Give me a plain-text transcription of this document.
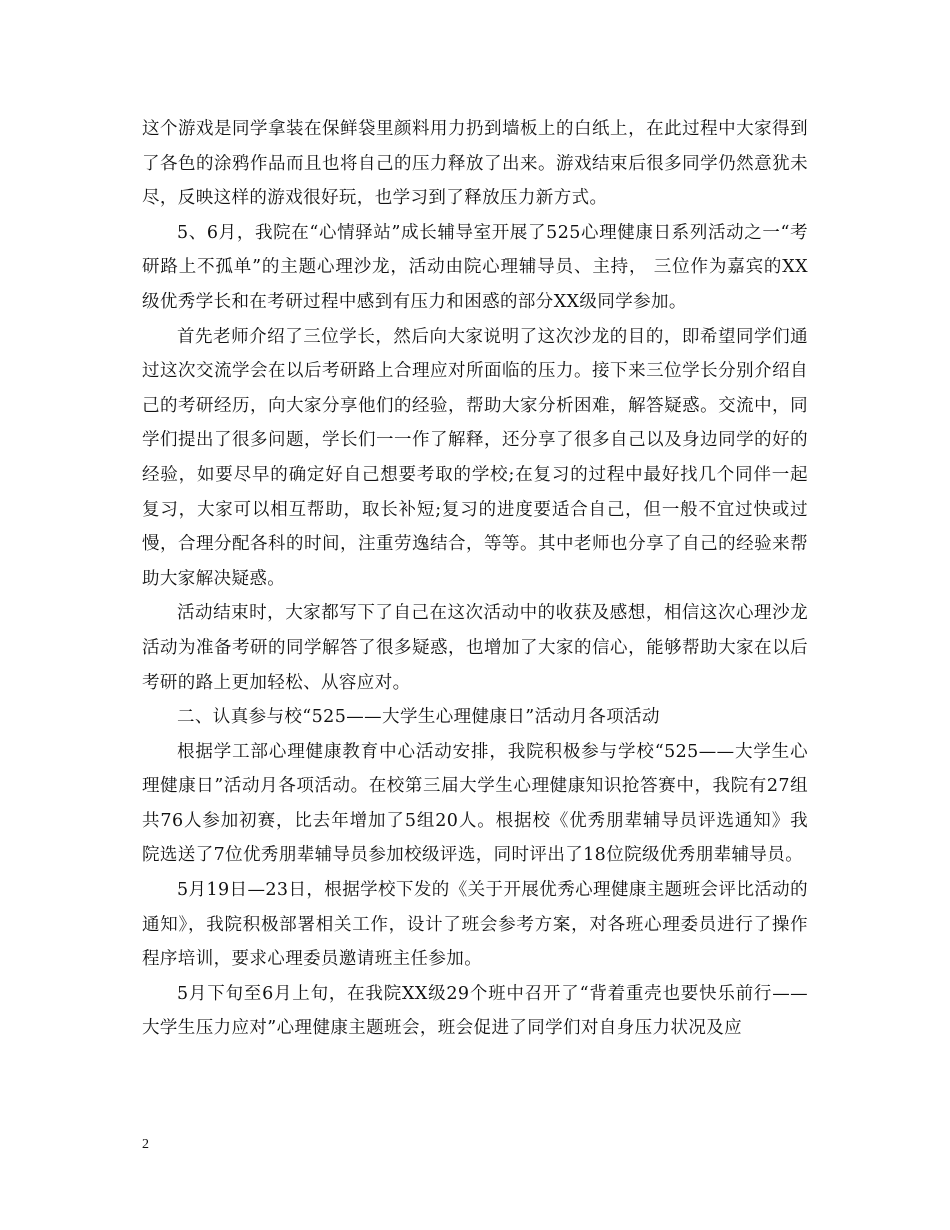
这个游戏是同学拿装在保鲜袋里颜料用力扔到墙板上的白纸上，在此过程中大家得到了各色的涂鸦作品而且也将自己的压力释放了出来。游戏结束后很多同学仍然意犹未尽，反映这样的游戏很好玩，也学习到了释放压力新方式。

5、6月，我院在“心情驿站”成长辅导室开展了525心理健康日系列活动之一“考研路上不孤单”的主题心理沙龙，活动由院心理辅导员、主持， 三位作为嘉宾的XX级优秀学长和在考研过程中感到有压力和困惑的部分XX级同学参加。

首先老师介绍了三位学长，然后向大家说明了这次沙龙的目的，即希望同学们通过这次交流学会在以后考研路上合理应对所面临的压力。接下来三位学长分别介绍自己的考研经历，向大家分享他们的经验，帮助大家分析困难，解答疑惑。交流中，同学们提出了很多问题，学长们一一作了解释，还分享了很多自己以及身边同学的好的经验，如要尽早的确定好自己想要考取的学校;在复习的过程中最好找几个同伴一起复习，大家可以相互帮助，取长补短;复习的进度要适合自己，但一般不宜过快或过慢，合理分配各科的时间，注重劳逸结合，等等。其中老师也分享了自己的经验来帮助大家解决疑惑。

活动结束时，大家都写下了自己在这次活动中的收获及感想，相信这次心理沙龙活动为准备考研的同学解答了很多疑惑，也增加了大家的信心，能够帮助大家在以后考研的路上更加轻松、从容应对。

二、认真参与校“525——大学生心理健康日”活动月各项活动

根据学工部心理健康教育中心活动安排，我院积极参与学校“525——大学生心理健康日”活动月各项活动。在校第三届大学生心理健康知识抢答赛中，我院有27组共76人参加初赛，比去年增加了5组20人。根据校《优秀朋辈辅导员评选通知》我院选送了7位优秀朋辈辅导员参加校级评选，同时评出了18位院级优秀朋辈辅导员。

5月19日—23日，根据学校下发的《关于开展优秀心理健康主题班会评比活动的通知》，我院积极部署相关工作，设计了班会参考方案，对各班心理委员进行了操作程序培训，要求心理委员邀请班主任参加。

5月下旬至6月上旬，在我院XX级29个班中召开了“背着重壳也要快乐前行——大学生压力应对”心理健康主题班会，班会促进了同学们对自身压力状况及应

2
